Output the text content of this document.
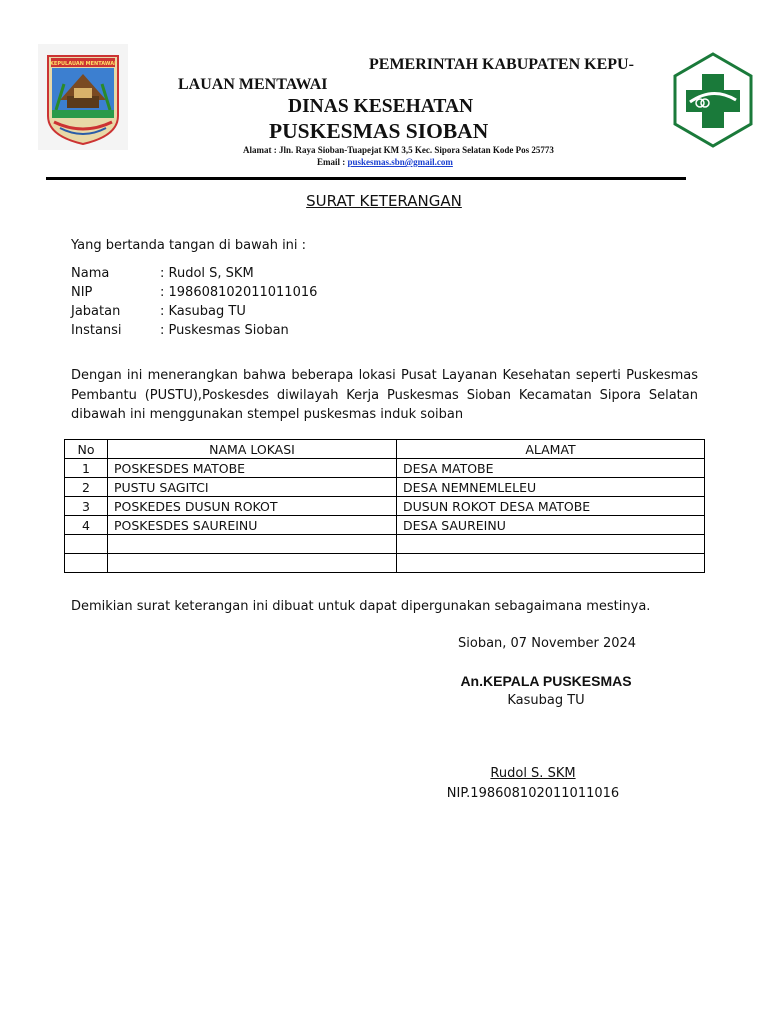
KEPULAUAN MENTAWAI	PEMERINTAH KABUPATEN KEPU-
LAUAN MENTAWAI
DINAS KESEHATAN
PUSKESMAS SIOBAN
Alamat : Jln. Raya Sioban-Tuapejat KM 3,5 Kec. Sipora Selatan Kode Pos 25773
Email : puskesmas.sbn@gmail.com
SURAT KETERANGAN
Yang bertanda tangan di bawah ini :
Nama	: Rudol S, SKM
NIP	: 198608102011011016
Jabatan	: Kasubag TU
Instansi	: Puskesmas Sioban
Dengan ini menerangkan bahwa beberapa lokasi Pusat Layanan Kesehatan seperti Puskesmas Pembantu (PUSTU),Poskesdes diwilayah Kerja Puskesmas Sioban Kecamatan Sipora Selatan dibawah ini menggunakan stempel puskesmas induk soiban
No	NAMA LOKASI	ALAMAT
1	POSKESDES MATOBE	DESA MATOBE
2	PUSTU SAGITCI	DESA NEMNEMLELEU
3	POSKEDES DUSUN ROKOT	DUSUN ROKOT DESA MATOBE
4	POSKESDES SAUREINU	DESA SAUREINU

Demikian surat keterangan ini dibuat untuk dapat dipergunakan sebagaimana mestinya.
Sioban, 07 November 2024
An.KEPALA PUSKESMAS
Kasubag TU
Rudol S. SKM
NIP.198608102011011016
